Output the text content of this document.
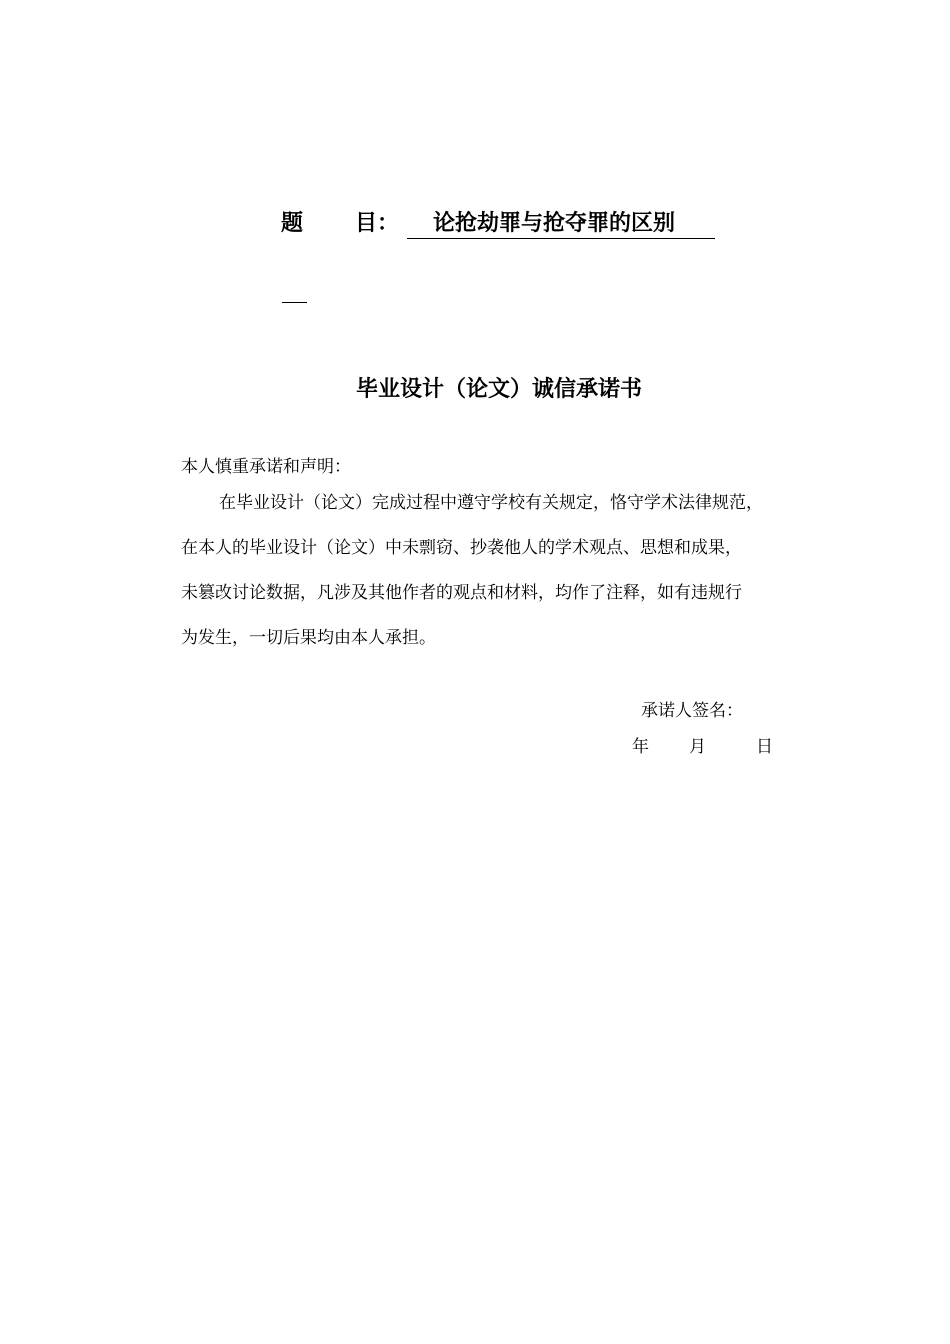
题 目： 论抢劫罪与抢夺罪的区别
毕业设计（论文）诚信承诺书

本人慎重承诺和声明：

在毕业设计（论文）完成过程中遵守学校有关规定，恪守学术法律规范，

在本人的毕业设计（论文）中未剽窃、抄袭他人的学术观点、思想和成果，

未篡改讨论数据，凡涉及其他作者的观点和材料，均作了注释，如有违规行

为发生，一切后果均由本人承担。

承诺人签名：
年 月	日
